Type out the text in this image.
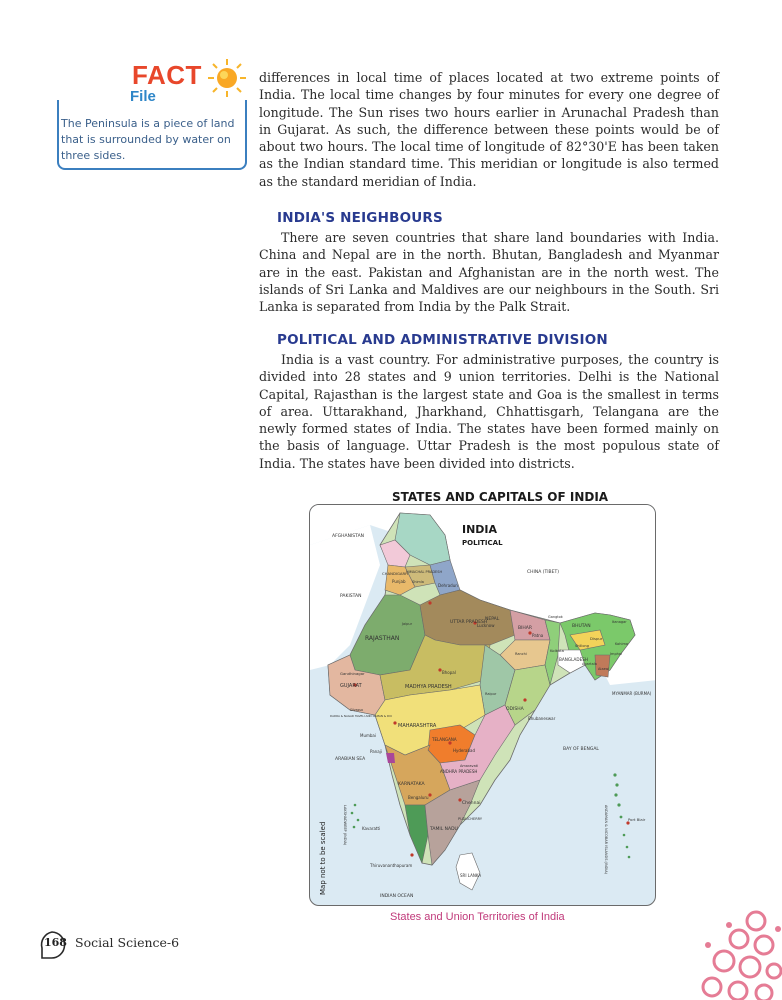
FACT
File
The Peninsula is a piece of land that is surrounded by water on three sides.

differences in local time of places located at two extreme points of India. The local time changes by four minutes for every one degree of longitude. The Sun rises two hours earlier in Arunachal Pradesh than in Gujarat. As such, the difference between these points would be of about two hours. The local time of longitude of 82°30'E has been taken as the Indian standard time. This meridian or longitude is also termed as the standard meridian of India.

INDIA'S NEIGHBOURS

There are seven countries that share land boundaries with India. China and Nepal are in the north. Bhutan, Bangladesh and Myanmar are in the east. Pakistan and Afghanistan are in the north west. The islands of Sri Lanka and Maldives are our neighbours in the South. Sri Lanka is separated from India by the Palk Strait.

POLITICAL AND ADMINISTRATIVE DIVISION

India is a vast country. For administrative purposes, the country is divided into 28 states and 9 union territories. Delhi is the National Capital, Rajasthan is the largest state and Goa is the smallest in terms of area. Uttarakhand, Jharkhand, Chhattisgarh, Telangana are the newly formed states of India. The states have been formed mainly on the basis of language. Uttar Pradesh is the most populous state of India. The states have been divided into districts.

STATES AND CAPITALS OF INDIA
AFGHANISTAN
PAKISTAN
CHINA (TIBET)
NEPAL
BHUTAN
BANGLADESH
MYANMAR (BURMA)
SRI LANKA
ARABIAN SEA
BAY OF BENGAL
INDIAN OCEAN
RAJASTHAN
GUJARAT	MADHYA PRADESH
MAHARASHTRA
TELANGANA
Hyderabad
KARNATAKA
ANDHRA PRADESH
TAMIL NADU
ODISHA
UTTAR PRADESH
BIHAR
Punjab
CHANDIGARH
HIMACHAL PRADESH
Dehradun
Lucknow
Patna
Bhopal
Mumbai
Chennai
Bengaluru
Bhubaneswar
Gandhinagar
Kavaratti
Thiruvananthapuram
PUDUCHERRY
Panaji
Port Blair
Kolkata
Dispur
Amaravati
Raipur
Ranchi
Jaipur
Shimla
Gangtok
Itanagar
Imphal
Aizawl
Agartala
Shillong	Kohima
DADRA & NAGAR HAVELI AND DAMAN & DIU
Silvassa
INDIA
POLITICAL
ANDAMAN & NICOBAR ISLANDS (INDIA)
LAKSHADWEEP (INDIA)
Map not to be scaled
States and Union Territories of India
168 Social Science-6
